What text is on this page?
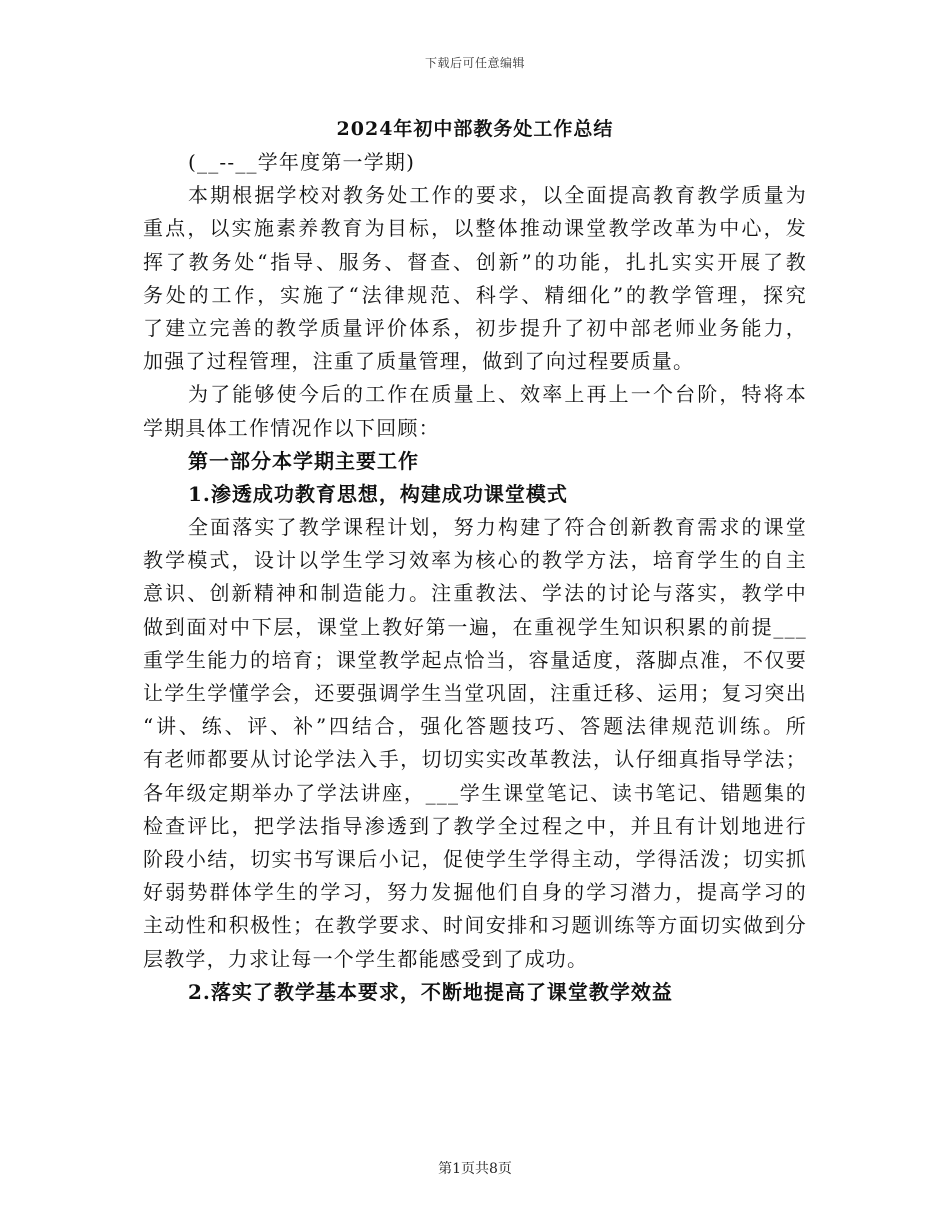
下载后可任意编辑
2024年初中部教务处工作总结
(__--__学年度第一学期)
本期根据学校对教务处工作的要求，以全面提高教育教学质量为
重点，以实施素养教育为目标，以整体推动课堂教学改革为中心，发
挥了教务处“指导、服务、督查、创新”的功能，扎扎实实开展了教
务处的工作，实施了“法律规范、科学、精细化”的教学管理，探究
了建立完善的教学质量评价体系，初步提升了初中部老师业务能力，
加强了过程管理，注重了质量管理，做到了向过程要质量。
为了能够使今后的工作在质量上、效率上再上一个台阶，特将本
学期具体工作情况作以下回顾：
第一部分本学期主要工作
1.渗透成功教育思想，构建成功课堂模式
全面落实了教学课程计划，努力构建了符合创新教育需求的课堂
教学模式，设计以学生学习效率为核心的教学方法，培育学生的自主
意识、创新精神和制造能力。注重教法、学法的讨论与落实，教学中
做到面对中下层，课堂上教好第一遍，在重视学生知识积累的前提___
重学生能力的培育；课堂教学起点恰当，容量适度，落脚点准，不仅要
让学生学懂学会，还要强调学生当堂巩固，注重迁移、运用；复习突出
“讲、练、评、补”四结合，强化答题技巧、答题法律规范训练。所
有老师都要从讨论学法入手，切切实实改革教法，认仔细真指导学法；
各年级定期举办了学法讲座，___学生课堂笔记、读书笔记、错题集的
检查评比，把学法指导渗透到了教学全过程之中，并且有计划地进行
阶段小结，切实书写课后小记，促使学生学得主动，学得活泼；切实抓
好弱势群体学生的学习，努力发掘他们自身的学习潜力，提高学习的
主动性和积极性；在教学要求、时间安排和习题训练等方面切实做到分
层教学，力求让每一个学生都能感受到了成功。
2.落实了教学基本要求，不断地提高了课堂教学效益
第1页共8页
